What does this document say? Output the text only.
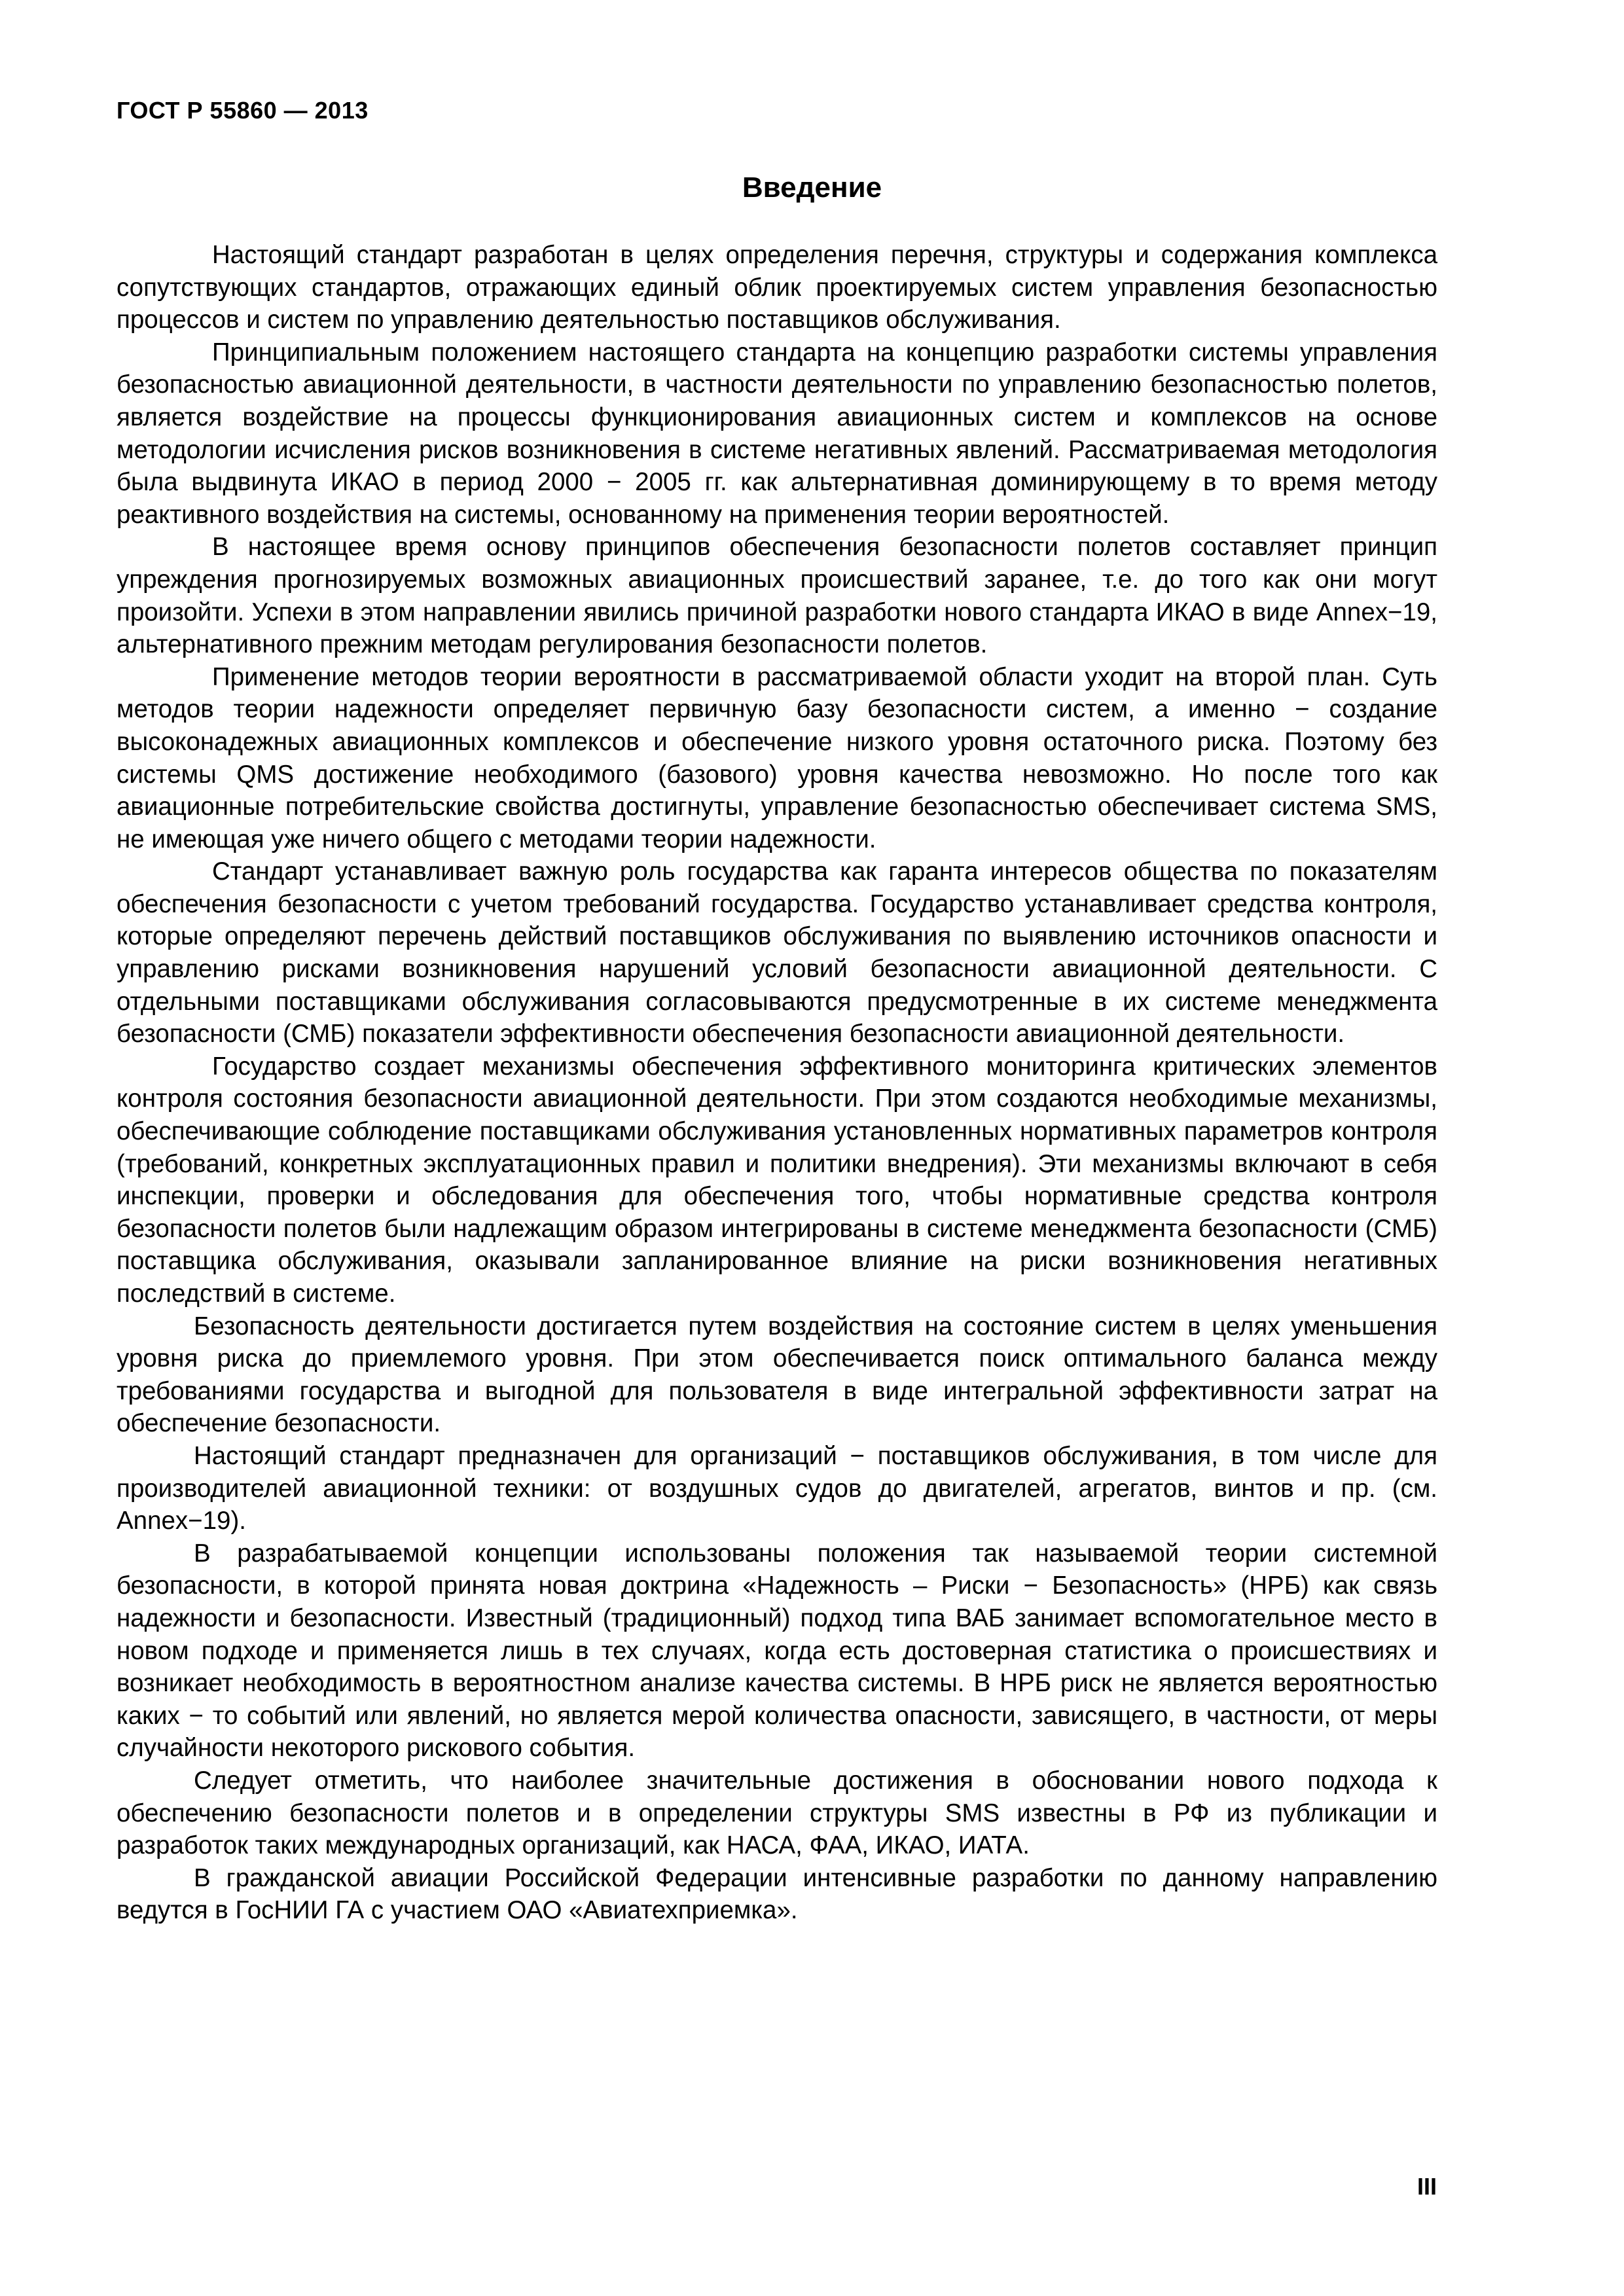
ГОСТ Р 55860 — 2013
Введение

Настоящий стандарт разработан в целях определения перечня, структуры и содержания комплекса сопутствующих стандартов, отражающих единый облик проектируемых систем управления безопасностью процессов и систем по управлению деятельностью поставщиков обслуживания.

Принципиальным положением настоящего стандарта на концепцию разработки системы управления безопасностью авиационной деятельности, в частности деятельности по управлению безопасностью полетов, является воздействие на процессы функционирования авиационных систем и комплексов на основе методологии исчисления рисков возникновения в системе негативных явлений. Рассматриваемая методология была выдвинута ИКАО в период 2000 − 2005 гг. как альтернативная доминирующему в то время методу реактивного воздействия на системы, основанному на применения теории вероятностей.

В настоящее время основу принципов обеспечения безопасности полетов составляет принцип упреждения прогнозируемых возможных авиационных происшествий заранее, т.е. до того как они могут произойти. Успехи в этом направлении явились причиной разработки нового стандарта ИКАО в виде Annex−19, альтернативного прежним методам регулирования безопасности полетов.

Применение методов теории вероятности в рассматриваемой области уходит на второй план. Суть методов теории надежности определяет первичную базу безопасности систем, а именно − создание высоконадежных авиационных комплексов и обеспечение низкого уровня остаточного риска. Поэтому без системы QMS достижение необходимого (базового) уровня качества невозможно. Но после того как авиационные потребительские свойства достигнуты, управление безопасностью обеспечивает система SMS, не имеющая уже ничего общего с методами теории надежности.

Стандарт устанавливает важную роль государства как гаранта интересов общества по показателям обеспечения безопасности с учетом требований государства. Государство устанавливает средства контроля, которые определяют перечень действий поставщиков обслуживания по выявлению источников опасности и управлению рисками возникновения нарушений условий безопасности авиационной деятельности. С отдельными поставщиками обслуживания согласовываются предусмотренные в их системе менеджмента безопасности (СМБ) показатели эффективности обеспечения безопасности авиационной деятельности.

Государство создает механизмы обеспечения эффективного мониторинга критических элементов контроля состояния безопасности авиационной деятельности. При этом создаются необходимые механизмы, обеспечивающие соблюдение поставщиками обслуживания установленных нормативных параметров контроля (требований, конкретных эксплуатационных правил и политики внедрения). Эти механизмы включают в себя инспекции, проверки и обследования для обеспечения того, чтобы нормативные средства контроля безопасности полетов были надлежащим образом интегрированы в системе менеджмента безопасности (СМБ) поставщика обслуживания, оказывали запланированное влияние на риски возникновения негативных последствий в системе.

Безопасность деятельности достигается путем воздействия на состояние систем в целях уменьшения уровня риска до приемлемого уровня. При этом обеспечивается поиск оптимального баланса между требованиями государства и выгодной для пользователя в виде интегральной эффективности затрат на обеспечение безопасности.

Настоящий стандарт предназначен для организаций − поставщиков обслуживания, в том числе для производителей авиационной техники: от воздушных судов до двигателей, агрегатов, винтов и пр. (см. Annex−19).

В разрабатываемой концепции использованы положения так называемой теории системной безопасности, в которой принята новая доктрина «Надежность – Риски − Безопасность» (НРБ) как связь надежности и безопасности. Известный (традиционный) подход типа ВАБ занимает вспомогательное место в новом подходе и применяется лишь в тех случаях, когда есть достоверная статистика о происшествиях и возникает необходимость в вероятностном анализе качества системы. В НРБ риск не является вероятностью каких − то событий или явлений, но является мерой количества опасности, зависящего, в частности, от меры случайности некоторого рискового события.

Следует отметить, что наиболее значительные достижения в обосновании нового подхода к обеспечению безопасности полетов и в определении структуры SMS известны в РФ из публикации и разработок таких международных организаций, как НАСА, ФАА, ИКАО, ИАТА.

В гражданской авиации Российской Федерации интенсивные разработки по данному направлению ведутся в ГосНИИ ГА с участием ОАО «Авиатехприемка».

III
